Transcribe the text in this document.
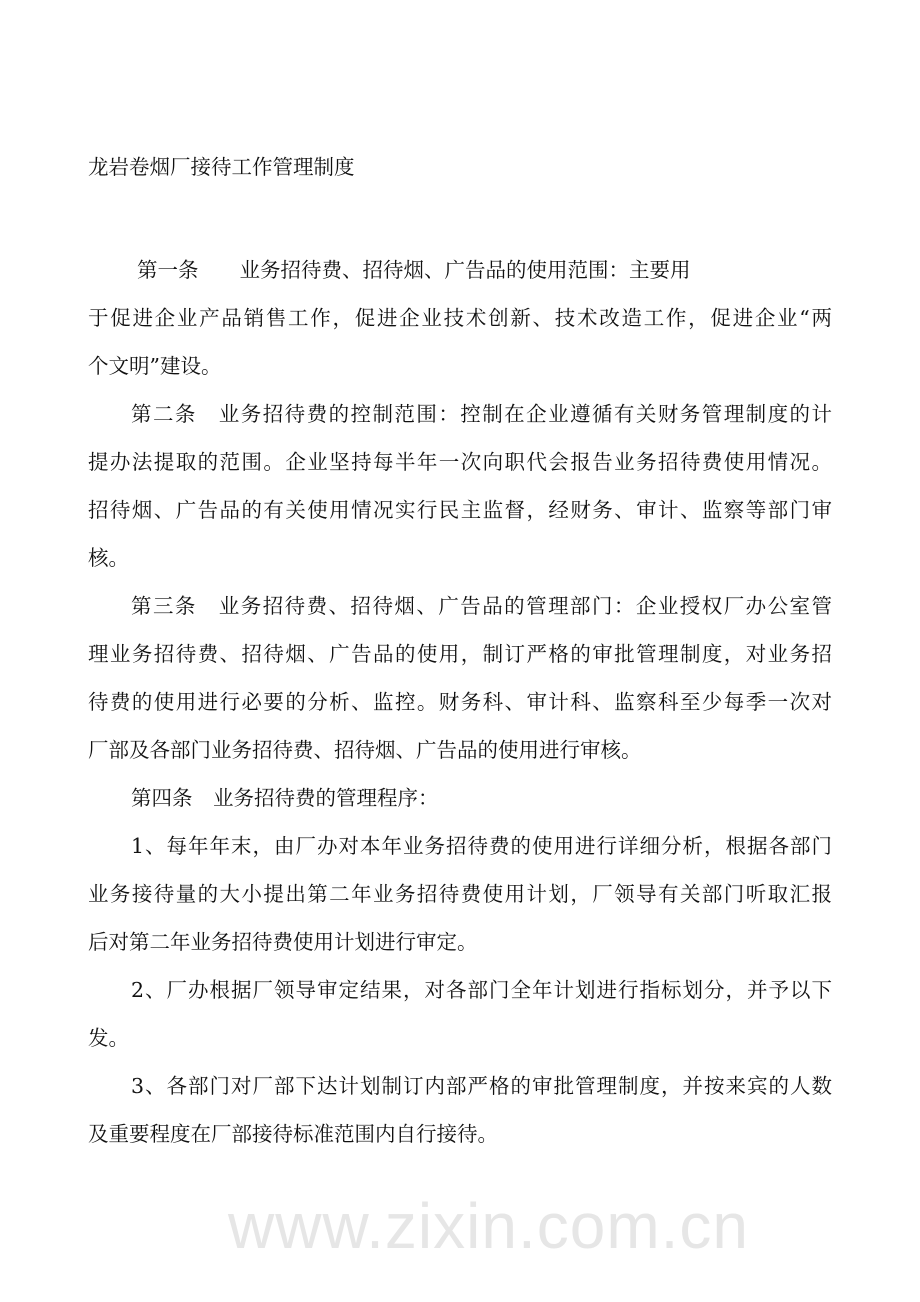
www.zixin.com.cn
龙岩卷烟厂接待工作管理制度
第一条　　业务招待费、招待烟、广告品的使用范围：主要用
于促进企业产品销售工作，促进企业技术创新、技术改造工作，促进企业“两
个文明”建设。
第二条　业务招待费的控制范围：控制在企业遵循有关财务管理制度的计
提办法提取的范围。企业坚持每半年一次向职代会报告业务招待费使用情况。
招待烟、广告品的有关使用情况实行民主监督，经财务、审计、监察等部门审
核。
第三条　业务招待费、招待烟、广告品的管理部门：企业授权厂办公室管
理业务招待费、招待烟、广告品的使用，制订严格的审批管理制度，对业务招
待费的使用进行必要的分析、监控。财务科、审计科、监察科至少每季一次对
厂部及各部门业务招待费、招待烟、广告品的使用进行审核。
第四条　业务招待费的管理程序：
1、每年年末，由厂办对本年业务招待费的使用进行详细分析，根据各部门
业务接待量的大小提出第二年业务招待费使用计划，厂领导有关部门听取汇报
后对第二年业务招待费使用计划进行审定。
2、厂办根据厂领导审定结果，对各部门全年计划进行指标划分，并予以下
发。
3、各部门对厂部下达计划制订内部严格的审批管理制度，并按来宾的人数
及重要程度在厂部接待标准范围内自行接待。
